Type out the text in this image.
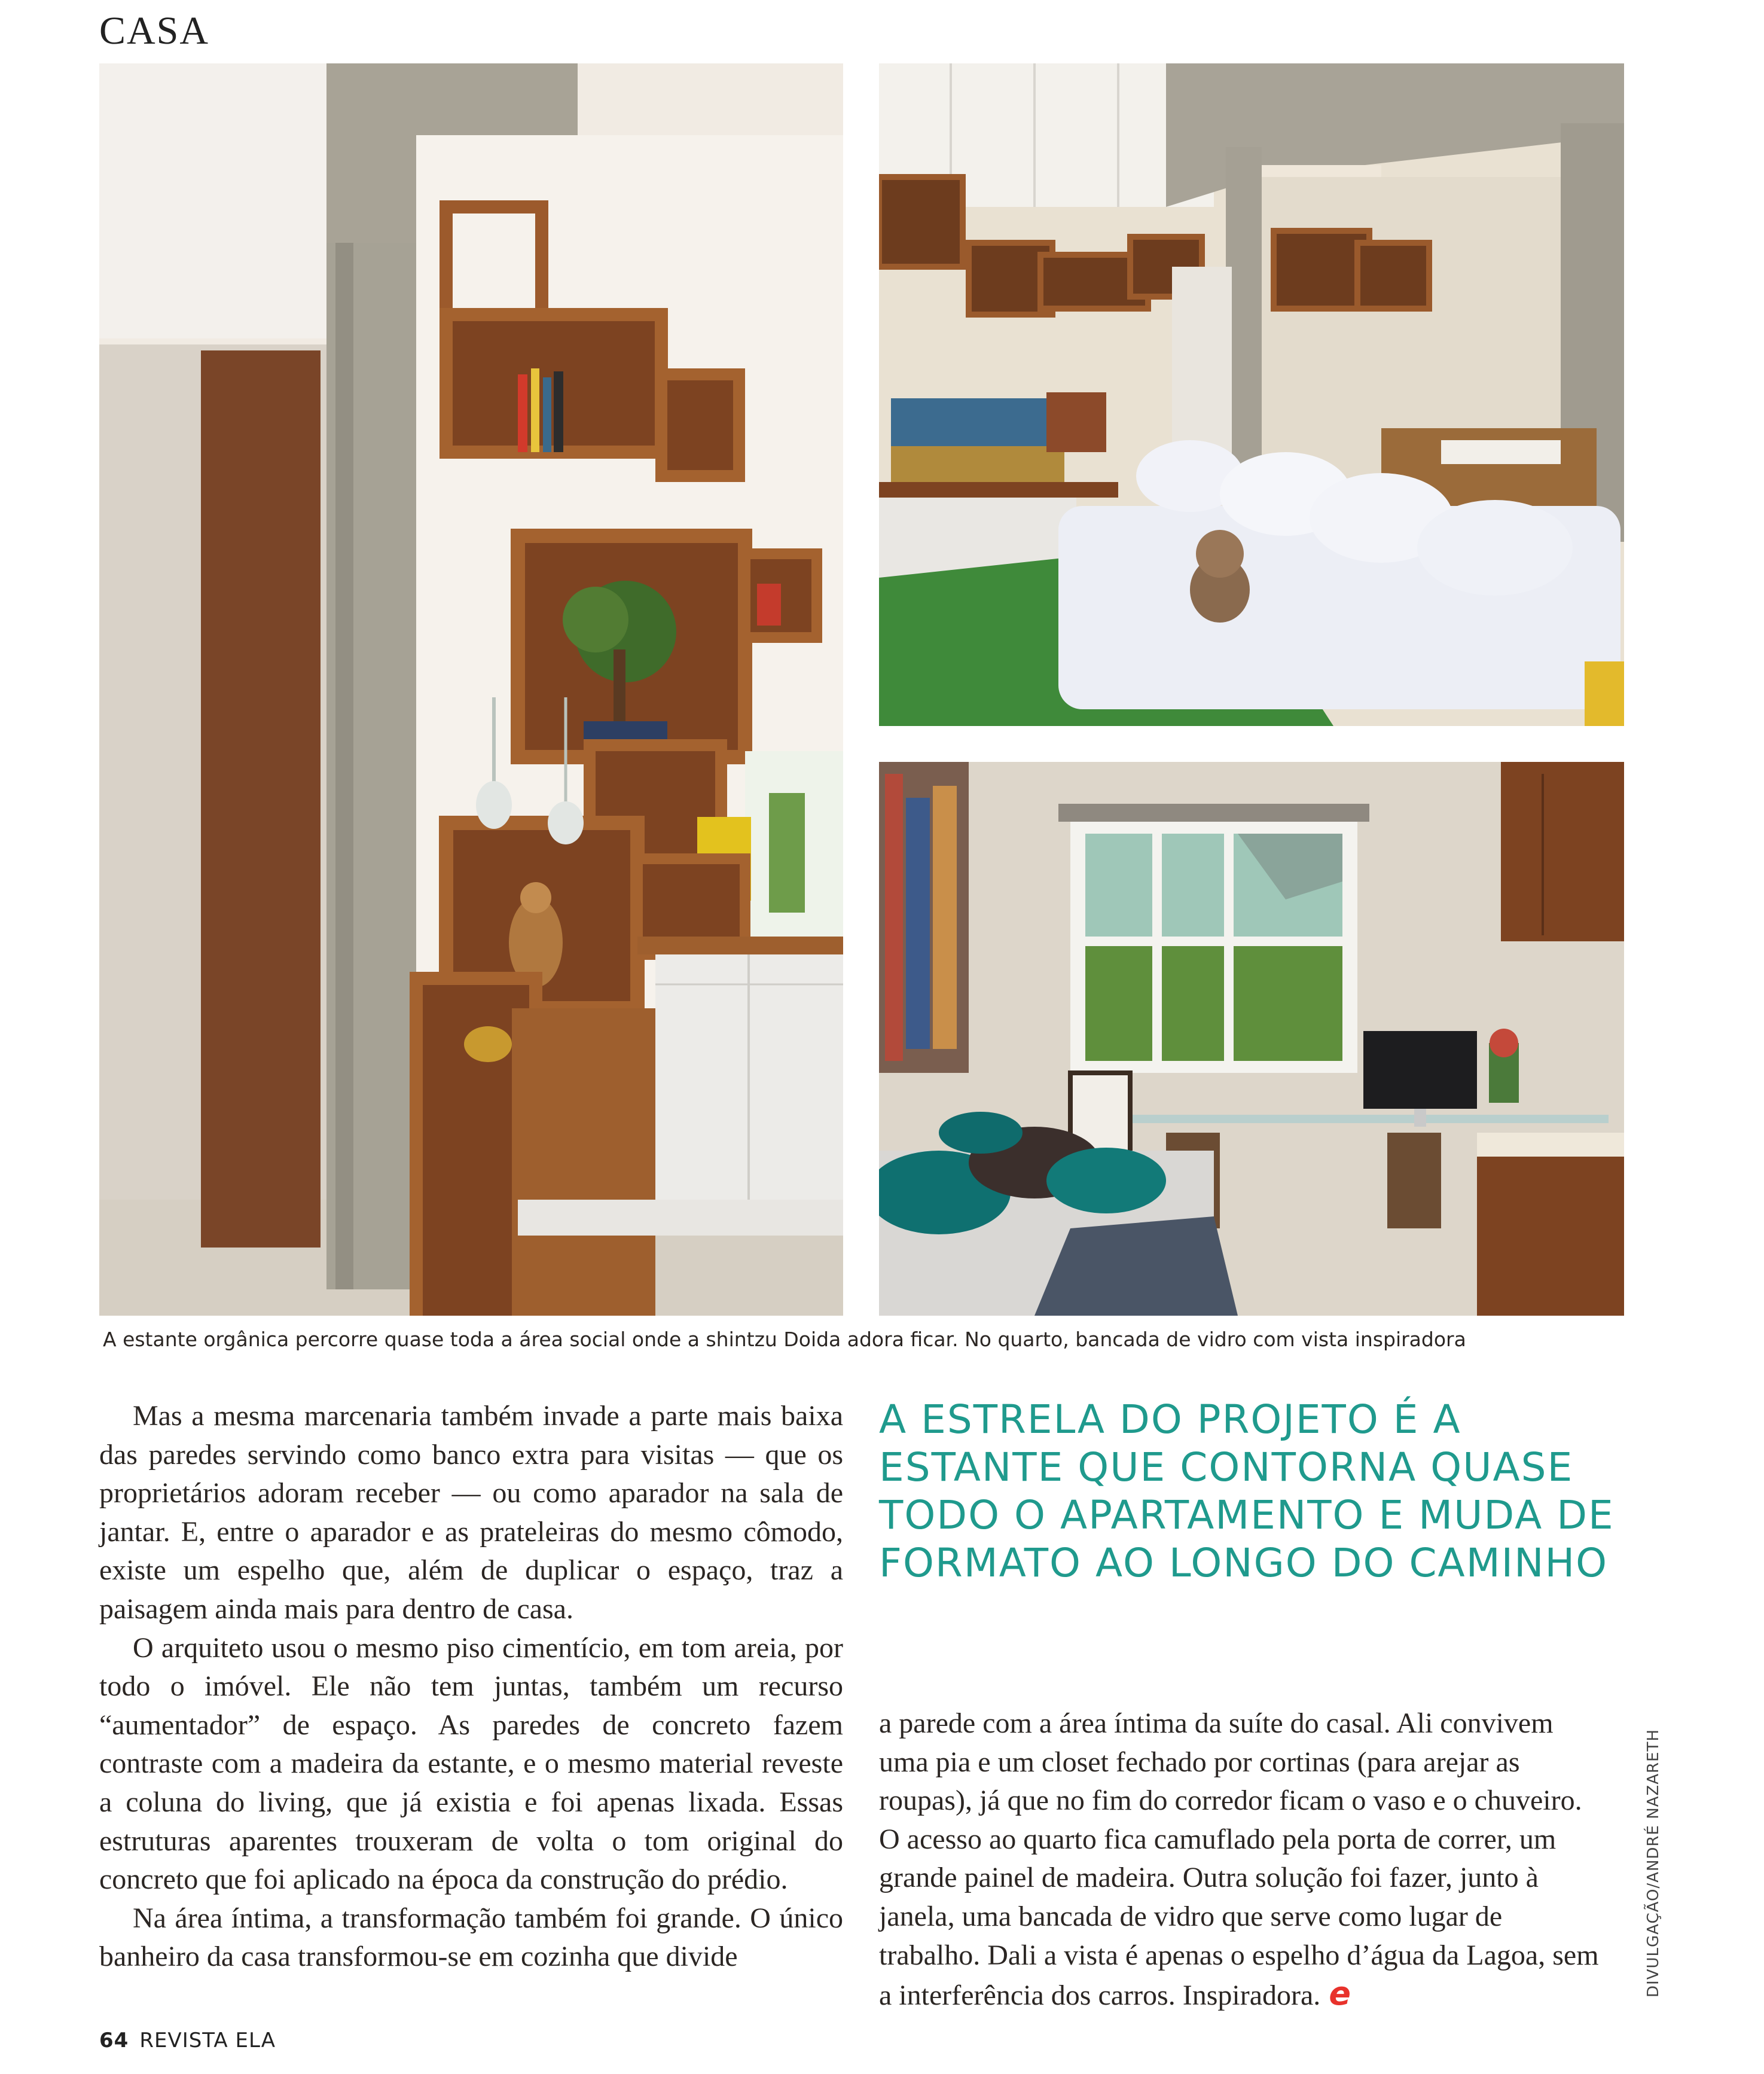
CASA
A estante orgânica percorre quase toda a área social onde a shintzu Doida adora ficar. No quarto, bancada de vidro com vista inspiradora

Mas a mesma marcenaria também invade a parte mais baixa das paredes servindo como banco extra para visitas — que os proprietários adoram receber — ou como aparador na sala de jantar. E, entre o aparador e as prateleiras do mesmo cômodo, existe um espelho que, além de duplicar o espaço, traz a paisagem ainda mais para dentro de casa.

O arquiteto usou o mesmo piso cimentício, em tom areia, por todo o imóvel. Ele não tem juntas, também um recurso “aumentador” de espaço. As paredes de concreto fazem contraste com a madeira da estante, e o mesmo material reveste a coluna do living, que já existia e foi apenas lixada. Essas estruturas aparentes trouxeram de volta o tom original do concreto que foi aplicado na época da construção do prédio.

Na área íntima, a transformação também foi grande. O único banheiro da casa transformou-se em cozinha que divide

A ESTRELA DO PROJETO É A ESTANTE QUE CONTORNA QUASE TODO O APARTAMENTO E MUDA DE FORMATO AO LONGO DO CAMINHO

a parede com a área íntima da suíte do casal. Ali convivem uma pia e um closet fechado por cortinas (para arejar as roupas), já que no fim do corredor ficam o vaso e o chuveiro. O acesso ao quarto fica camuflado pela porta de correr, um grande painel de madeira. Outra solução foi fazer, junto à janela, uma bancada de vidro que serve como lugar de trabalho. Dali a vista é apenas o espelho d’água da Lagoa, sem a interferência dos carros. Inspiradora. e	DIVULGAÇÃO/ANDRÉ NAZARETH
64 REVISTA ELA
